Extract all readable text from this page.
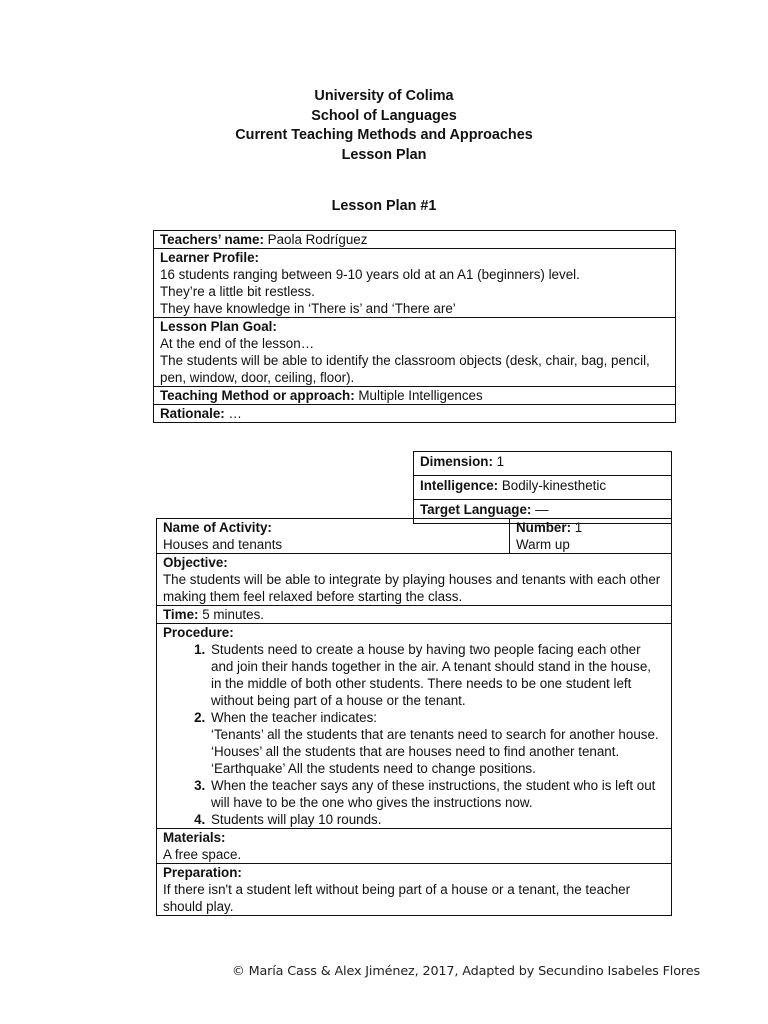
University of Colima
School of Languages
Current Teaching Methods and Approaches
Lesson Plan
Lesson Plan #1
Teachers’ name: Paola Rodríguez

Learner Profile:
16 students ranging between 9-10 years old at an A1 (beginners) level.
They’re a little bit restless.
They have knowledge in ‘There is’ and ‘There are’

Lesson Plan Goal:
At the end of the lesson…
The students will be able to identify the classroom objects (desk, chair, bag, pencil, pen, window, door, ceiling, floor).

Teaching Method or approach: Multiple Intelligences
Rationale: …
Dimension: 1
Intelligence: Bodily-kinesthetic
Target Language: —
Name of Activity:
Houses and tenants

Number: 1
Warm up

Objective:
The students will be able to integrate by playing houses and tenants with each other making them feel relaxed before starting the class.

Time: 5 minutes.

Procedure:
1. Students need to create a house by having two people facing each other and join their hands together in the air. A tenant should stand in the house, in the middle of both other students. There needs to be one student left without being part of a house or the tenant.
2. When the teacher indicates:
‘Tenants’ all the students that are tenants need to search for another house.
‘Houses’ all the students that are houses need to find another tenant.
‘Earthquake’ All the students need to change positions.
3. When the teacher says any of these instructions, the student who is left out will have to be the one who gives the instructions now.
4. Students will play 10 rounds.

Materials:
A free space.

Preparation:
If there isn't a student left without being part of a house or a tenant, the teacher should play.
© María Cass & Alex Jiménez, 2017, Adapted by Secundino Isabeles Flores
